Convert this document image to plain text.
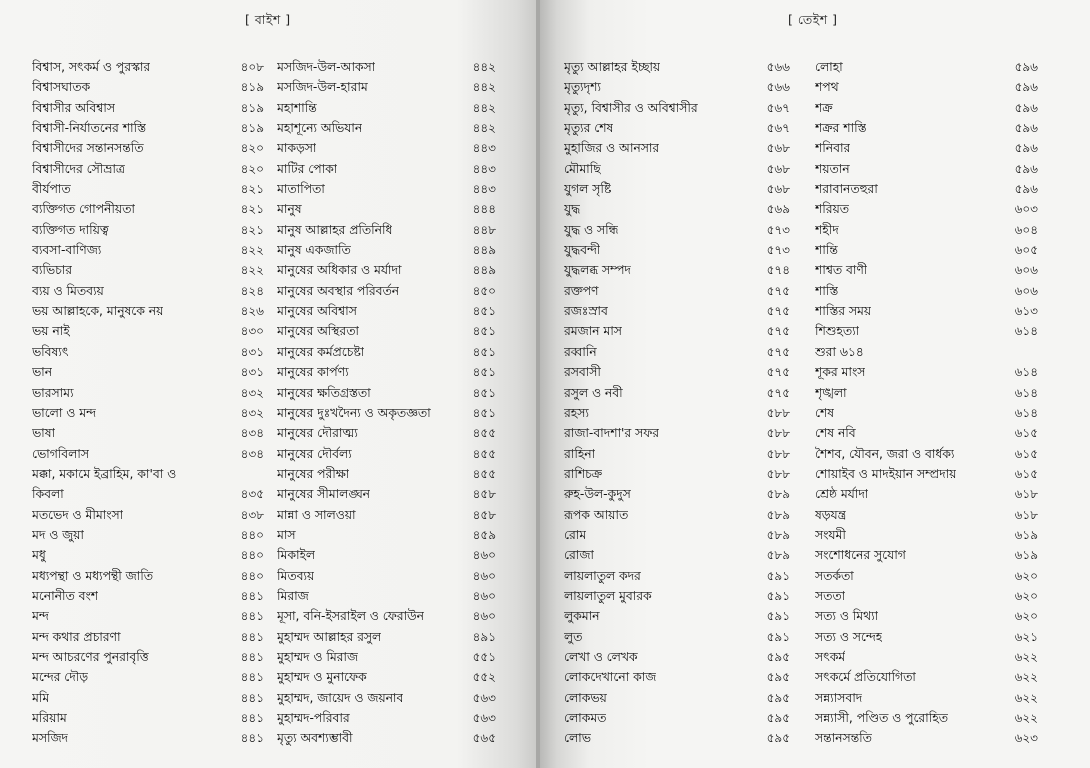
[ বাইশ ]
বিশ্বাস, সৎকর্ম ও পুরস্কার	৪০৮
বিশ্বাসঘাতক	৪১৯
বিশ্বাসীর অবিশ্বাস	৪১৯
বিশ্বাসী-নির্যাতনের শাস্তি	৪১৯
বিশ্বাসীদের সন্তানসন্ততি	৪২০
বিশ্বাসীদের সৌভ্রাত্র	৪২০
বীর্যপাত	৪২১
ব্যক্তিগত গোপনীয়তা	৪২১
ব্যক্তিগত দায়িত্ব	৪২১
ব্যবসা-বাণিজ্য	৪২২
ব্যভিচার	৪২২
ব্যয় ও মিতব্যয়	৪২৪
ভয় আল্লাহকে, মানুষকে নয়	৪২৬
ভয় নাই	৪৩০
ভবিষ্যৎ	৪৩১
ভান	৪৩১
ভারসাম্য	৪৩২
ভালো ও মন্দ	৪৩২
ভাষা	৪৩৪
ভোগবিলাস	৪৩৪
মক্কা, মকামে ইব্রাহিম, কা'বা ও
কিবলা	৪৩৫
মতভেদ ও মীমাংসা	৪৩৮
মদ ও জুয়া	৪৪০
মধু	৪৪০
মধ্যপন্থা ও মধ্যপন্থী জাতি	৪৪০
মনোনীত বংশ	৪৪১
মন্দ	৪৪১
মন্দ কথার প্রচারণা	৪৪১
মন্দ আচরণের পুনরাবৃত্তি	৪৪১
মন্দের দৌড়	৪৪১
মমি	৪৪১
মরিয়াম	৪৪১
মসজিদ	৪৪১
মসজিদ-উল-আকসা	৪৪২
মসজিদ-উল-হারাম	৪৪২
মহাশান্তি	৪৪২
মহাশূন্যে অভিযান	৪৪২
মাকড়সা	৪৪৩
মাটির পোকা	৪৪৩
মাতাপিতা	৪৪৩
মানুষ	৪৪৪
মানুষ আল্লাহর প্রতিনিধি	৪৪৮
মানুষ একজাতি	৪৪৯
মানুষের অধিকার ও মর্যাদা	৪৪৯
মানুষের অবস্থার পরিবর্তন	৪৫০
মানুষের অবিশ্বাস	৪৫১
মানুষের অস্থিরতা	৪৫১
মানুষের কর্মপ্রচেষ্টা	৪৫১
মানুষের কার্পণ্য	৪৫১
মানুষের ক্ষতিগ্রস্ততা	৪৫১
মানুষের দুঃখদৈন্য ও অকৃতজ্ঞতা	৪৫১
মানুষের দৌরাত্ম্য	৪৫৫
মানুষের দৌর্বল্য	৪৫৫
মানুষের পরীক্ষা	৪৫৫
মানুষের সীমালঙ্ঘন	৪৫৮
মান্না ও সালওয়া	৪৫৮
মাস	৪৫৯
মিকাইল	৪৬০
মিতব্যয়	৪৬০
মিরাজ	৪৬০
মূসা, বনি-ইসরাইল ও ফেরাউন	৪৬০
মুহাম্মদ আল্লাহর রসুল	৪৯১
মুহাম্মদ ও মিরাজ	৫৫১
মুহাম্মদ ও মুনাফেক	৫৫২
মুহাম্মদ, জায়েদ ও জয়নাব	৫৬৩
মুহাম্মদ-পরিবার	৫৬৩
মৃত্যু অবশ্যম্ভাবী	৫৬৫
[ তেইশ ]
মৃত্যু আল্লাহর ইচ্ছায়	৫৬৬
মৃত্যুদৃশ্য	৫৬৬
মৃত্যু, বিশ্বাসীর ও অবিশ্বাসীর	৫৬৭
মৃত্যুর শেষ	৫৬৭
মুহাজির ও আনসার	৫৬৮
মৌমাছি	৫৬৮
যুগল সৃষ্টি	৫৬৮
যুদ্ধ	৫৬৯
যুদ্ধ ও সন্ধি	৫৭৩
যুদ্ধবন্দী	৫৭৩
যুদ্ধলব্ধ সম্পদ	৫৭৪
রক্তপণ	৫৭৫
রজঃস্রাব	৫৭৫
রমজান মাস	৫৭৫
রব্বানি	৫৭৫
রসবাসী	৫৭৫
রসুল ও নবী	৫৭৫
রহস্য	৫৮৮
রাজা-বাদশা'র সফর	৫৮৮
রাহিনা	৫৮৮
রাশিচক্র	৫৮৮
রুহ-উল-কুদুস	৫৮৯
রূপক আয়াত	৫৮৯
রোম	৫৮৯
রোজা	৫৮৯
লায়লাতুল কদর	৫৯১
লায়লাতুল মুবারক	৫৯১
লুকমান	৫৯১
লুত	৫৯১
লেখা ও লেখক	৫৯৫
লোকদেখানো কাজ	৫৯৫
লোকভয়	৫৯৫
লোকমত	৫৯৫
লোভ	৫৯৫
লোহা	৫৯৬
শপথ	৫৯৬
শক্র	৫৯৬
শক্রর শাস্তি	৫৯৬
শনিবার	৫৯৬
শয়তান	৫৯৬
শরাবানতহুরা	৫৯৬
শরিয়ত	৬০৩
শহীদ	৬০৪
শান্তি	৬০৫
শাশ্বত বাণী	৬০৬
শাস্তি	৬০৬
শাস্তির সময়	৬১৩
শিশুহত্যা	৬১৪
শুরা ৬১৪
শূকর মাংস	৬১৪
শৃঙ্খলা	৬১৪
শেষ	৬১৪
শেষ নবি	৬১৫
শৈশব, যৌবন, জরা ও বার্ধক্য	৬১৫
শোয়াইব ও মাদইয়ান সম্প্রদায়	৬১৫
শ্রেষ্ঠ মর্যাদা	৬১৮
ষড়যন্ত্র	৬১৮
সংযমী	৬১৯
সংশোধনের সুযোগ	৬১৯
সতর্কতা	৬২০
সততা	৬২০
সত্য ও মিথ্যা	৬২০
সত্য ও সন্দেহ	৬২১
সৎকর্ম	৬২২
সৎকর্মে প্রতিযোগিতা	৬২২
সন্ন্যাসবাদ	৬২২
সন্ন্যাসী, পণ্ডিত ও পুরোহিত	৬২২
সন্তানসন্ততি	৬২৩
